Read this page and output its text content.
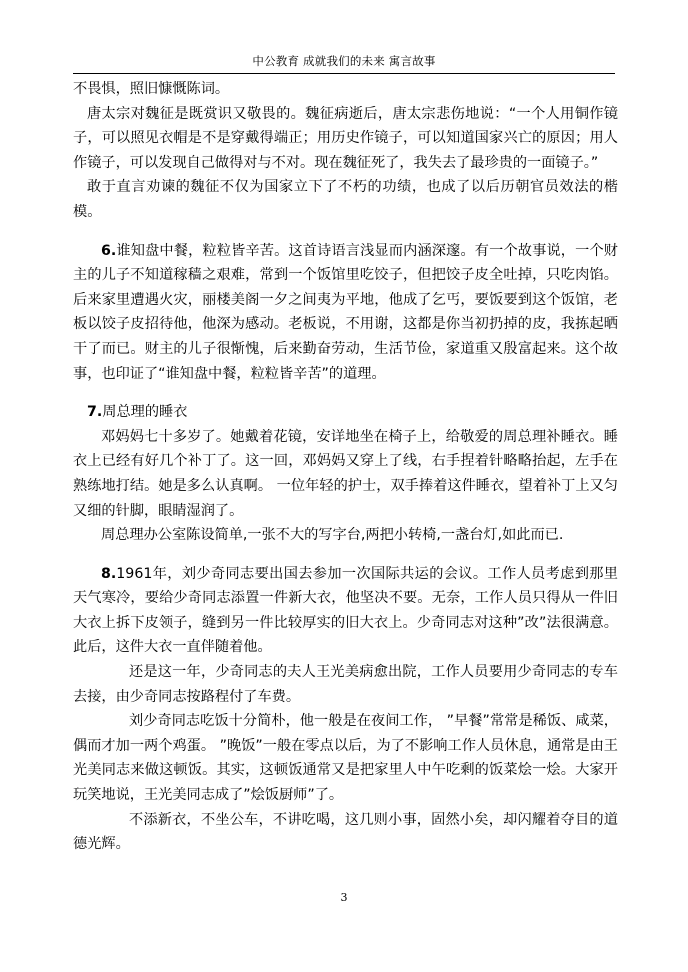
中公教育 成就我们的未来 寓言故事

不畏惧，照旧慷慨陈词。

唐太宗对魏征是既赏识又敬畏的。魏征病逝后，唐太宗悲伤地说：“一个人用铜作镜子，可以照见衣帽是不是穿戴得端正；用历史作镜子，可以知道国家兴亡的原因；用人作镜子，可以发现自己做得对与不对。现在魏征死了，我失去了最珍贵的一面镜子。”

敢于直言劝谏的魏征不仅为国家立下了不朽的功绩，也成了以后历朝官员效法的楷模。

6.谁知盘中餐，粒粒皆辛苦。这首诗语言浅显而内涵深邃。有一个故事说，一个财主的儿子不知道稼穑之艰难，常到一个饭馆里吃饺子，但把饺子皮全吐掉，只吃肉馅。后来家里遭遇火灾，丽楼美阁一夕之间夷为平地，他成了乞丐，要饭要到这个饭馆，老板以饺子皮招待他，他深为感动。老板说，不用谢，这都是你当初扔掉的皮，我拣起晒干了而已。财主的儿子很惭愧，后来勤奋劳动，生活节俭，家道重又殷富起来。这个故事，也印证了“谁知盘中餐，粒粒皆辛苦”的道理。

7.周总理的睡衣

邓妈妈七十多岁了。她戴着花镜，安详地坐在椅子上，给敬爱的周总理补睡衣。睡衣上已经有好几个补丁了。这一回，邓妈妈又穿上了线，右手捏着针略略抬起，左手在熟练地打结。她是多么认真啊。 一位年轻的护士，双手捧着这件睡衣，望着补丁上又匀又细的针脚，眼睛湿润了。

周总理办公室陈设简单,一张不大的写字台,两把小转椅,一盏台灯,如此而已.

8.1961年，刘少奇同志要出国去参加一次国际共运的会议。工作人员考虑到那里天气寒冷，要给少奇同志添置一件新大衣，他坚决不要。无奈，工作人员只得从一件旧大衣上拆下皮领子，缝到另一件比较厚实的旧大衣上。少奇同志对这种”改”法很满意。此后，这件大衣一直伴随着他。

还是这一年，少奇同志的夫人王光美病愈出院，工作人员要用少奇同志的专车去接，由少奇同志按路程付了车费。

刘少奇同志吃饭十分简朴，他一般是在夜间工作， ”早餐”常常是稀饭、咸菜，偶而才加一两个鸡蛋。 ”晚饭”一般在零点以后，为了不影响工作人员休息，通常是由王光美同志来做这顿饭。其实，这顿饭通常又是把家里人中午吃剩的饭菜烩一烩。大家开玩笑地说，王光美同志成了”烩饭厨师”了。

不添新衣，不坐公车，不讲吃喝，这几则小事，固然小矣，却闪耀着夺目的道德光辉。

3
